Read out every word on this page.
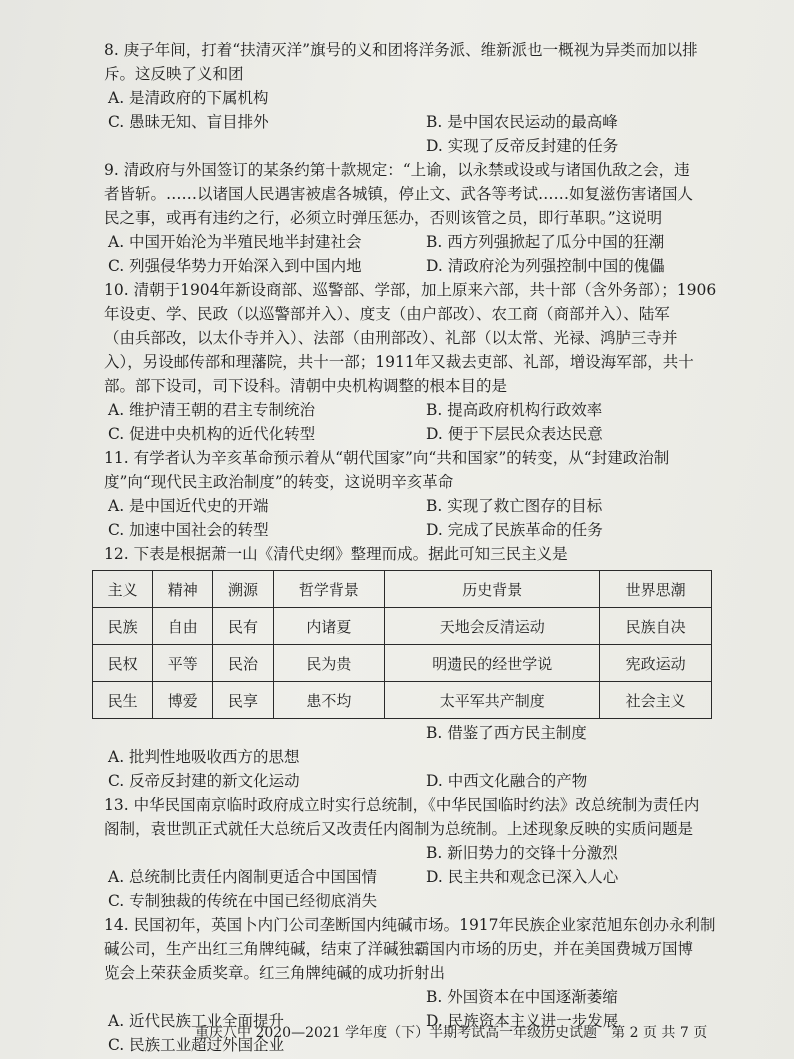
8. 庚子年间，打着“扶清灭洋”旗号的义和团将洋务派、维新派也一概视为异类而加以排
斥。这反映了义和团
A. 是清政府的下属机构
C. 愚昧无知、盲目排外	B. 是中国农民运动的最高峰
D. 实现了反帝反封建的任务
9. 清政府与外国签订的某条约第十款规定：“上谕，以永禁或设或与诸国仇敌之会，违
者皆斩。……以诸国人民遇害被虐各城镇，停止文、武各等考试……如复滋伤害诸国人
民之事，或再有违约之行，必须立时弹压惩办，否则该管之员，即行革职。”这说明
A. 中国开始沦为半殖民地半封建社会	B. 西方列强掀起了瓜分中国的狂潮
C. 列强侵华势力开始深入到中国内地	D. 清政府沦为列强控制中国的傀儡
10. 清朝于1904年新设商部、巡警部、学部，加上原来六部，共十部（含外务部）；1906
年设吏、学、民政（以巡警部并入）、度支（由户部改）、农工商（商部并入）、陆军
（由兵部改，以太仆寺并入）、法部（由刑部改）、礼部（以太常、光禄、鸿胪三寺并
入），另设邮传部和理藩院，共十一部；1911年又裁去吏部、礼部，增设海军部，共十
部。部下设司，司下设科。清朝中央机构调整的根本目的是
A. 维护清王朝的君主专制统治	B. 提高政府机构行政效率
C. 促进中央机构的近代化转型	D. 便于下层民众表达民意
11. 有学者认为辛亥革命预示着从“朝代国家”向“共和国家”的转变，从“封建政治制
度”向“现代民主政治制度”的转变，这说明辛亥革命
A. 是中国近代史的开端	B. 实现了救亡图存的目标
C. 加速中国社会的转型	D. 完成了民族革命的任务
12. 下表是根据萧一山《清代史纲》整理而成。据此可知三民主义是
主义	精神	溯源	哲学背景	历史背景	世界思潮
民族	自由	民有	内诸夏	天地会反清运动	民族自决
民权	平等	民治	民为贵	明遗民的经世学说	宪政运动
民生	博爱	民享	患不均	太平军共产制度	社会主义
B. 借鉴了西方民主制度
A. 批判性地吸收西方的思想
C. 反帝反封建的新文化运动	D. 中西文化融合的产物
13. 中华民国南京临时政府成立时实行总统制，《中华民国临时约法》改总统制为责任内
阁制，袁世凯正式就任大总统后又改责任内阁制为总统制。上述现象反映的实质问题是
B. 新旧势力的交锋十分激烈
A. 总统制比责任内阁制更适合中国国情	D. 民主共和观念已深入人心
C. 专制独裁的传统在中国已经彻底消失
14. 民国初年，英国卜内门公司垄断国内纯碱市场。1917年民族企业家范旭东创办永利制
碱公司，生产出红三角牌纯碱，结束了洋碱独霸国内市场的历史，并在美国费城万国博
览会上荣获金质奖章。红三角牌纯碱的成功折射出
B. 外国资本在中国逐渐萎缩
A. 近代民族工业全面提升	D. 民族资本主义进一步发展
C. 民族工业超过外国企业
重庆八中 2020—2021 学年度（下）半期考试高一年级历史试题 第 2 页 共 7 页
